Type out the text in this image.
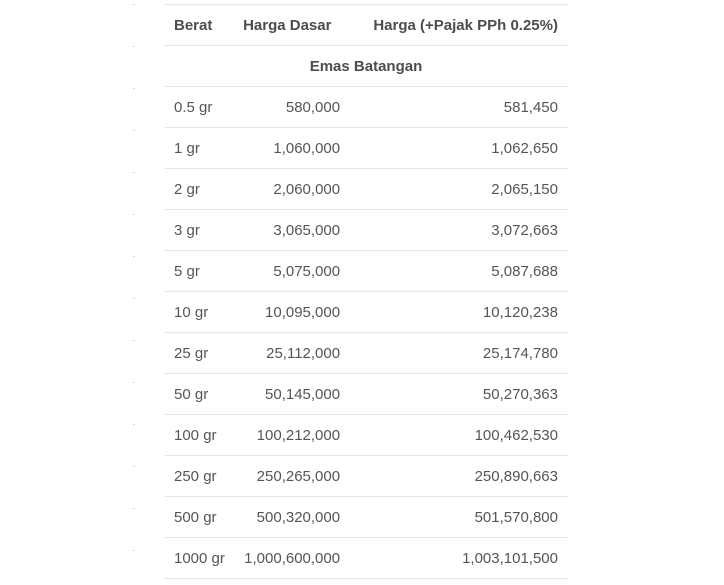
Berat	Harga Dasar	Harga (+Pajak PPh 0.25%)
Emas Batangan		
0.5 gr	580,000	581,450
1 gr	1,060,000	1,062,650
2 gr	2,060,000	2,065,150
3 gr	3,065,000	3,072,663
5 gr	5,075,000	5,087,688
10 gr	10,095,000	10,120,238
25 gr	25,112,000	25,174,780
50 gr	50,145,000	50,270,363
100 gr	100,212,000	100,462,530
250 gr	250,265,000	250,890,663
500 gr	500,320,000	501,570,800
1000 gr	1,000,600,000	1,003,101,500
